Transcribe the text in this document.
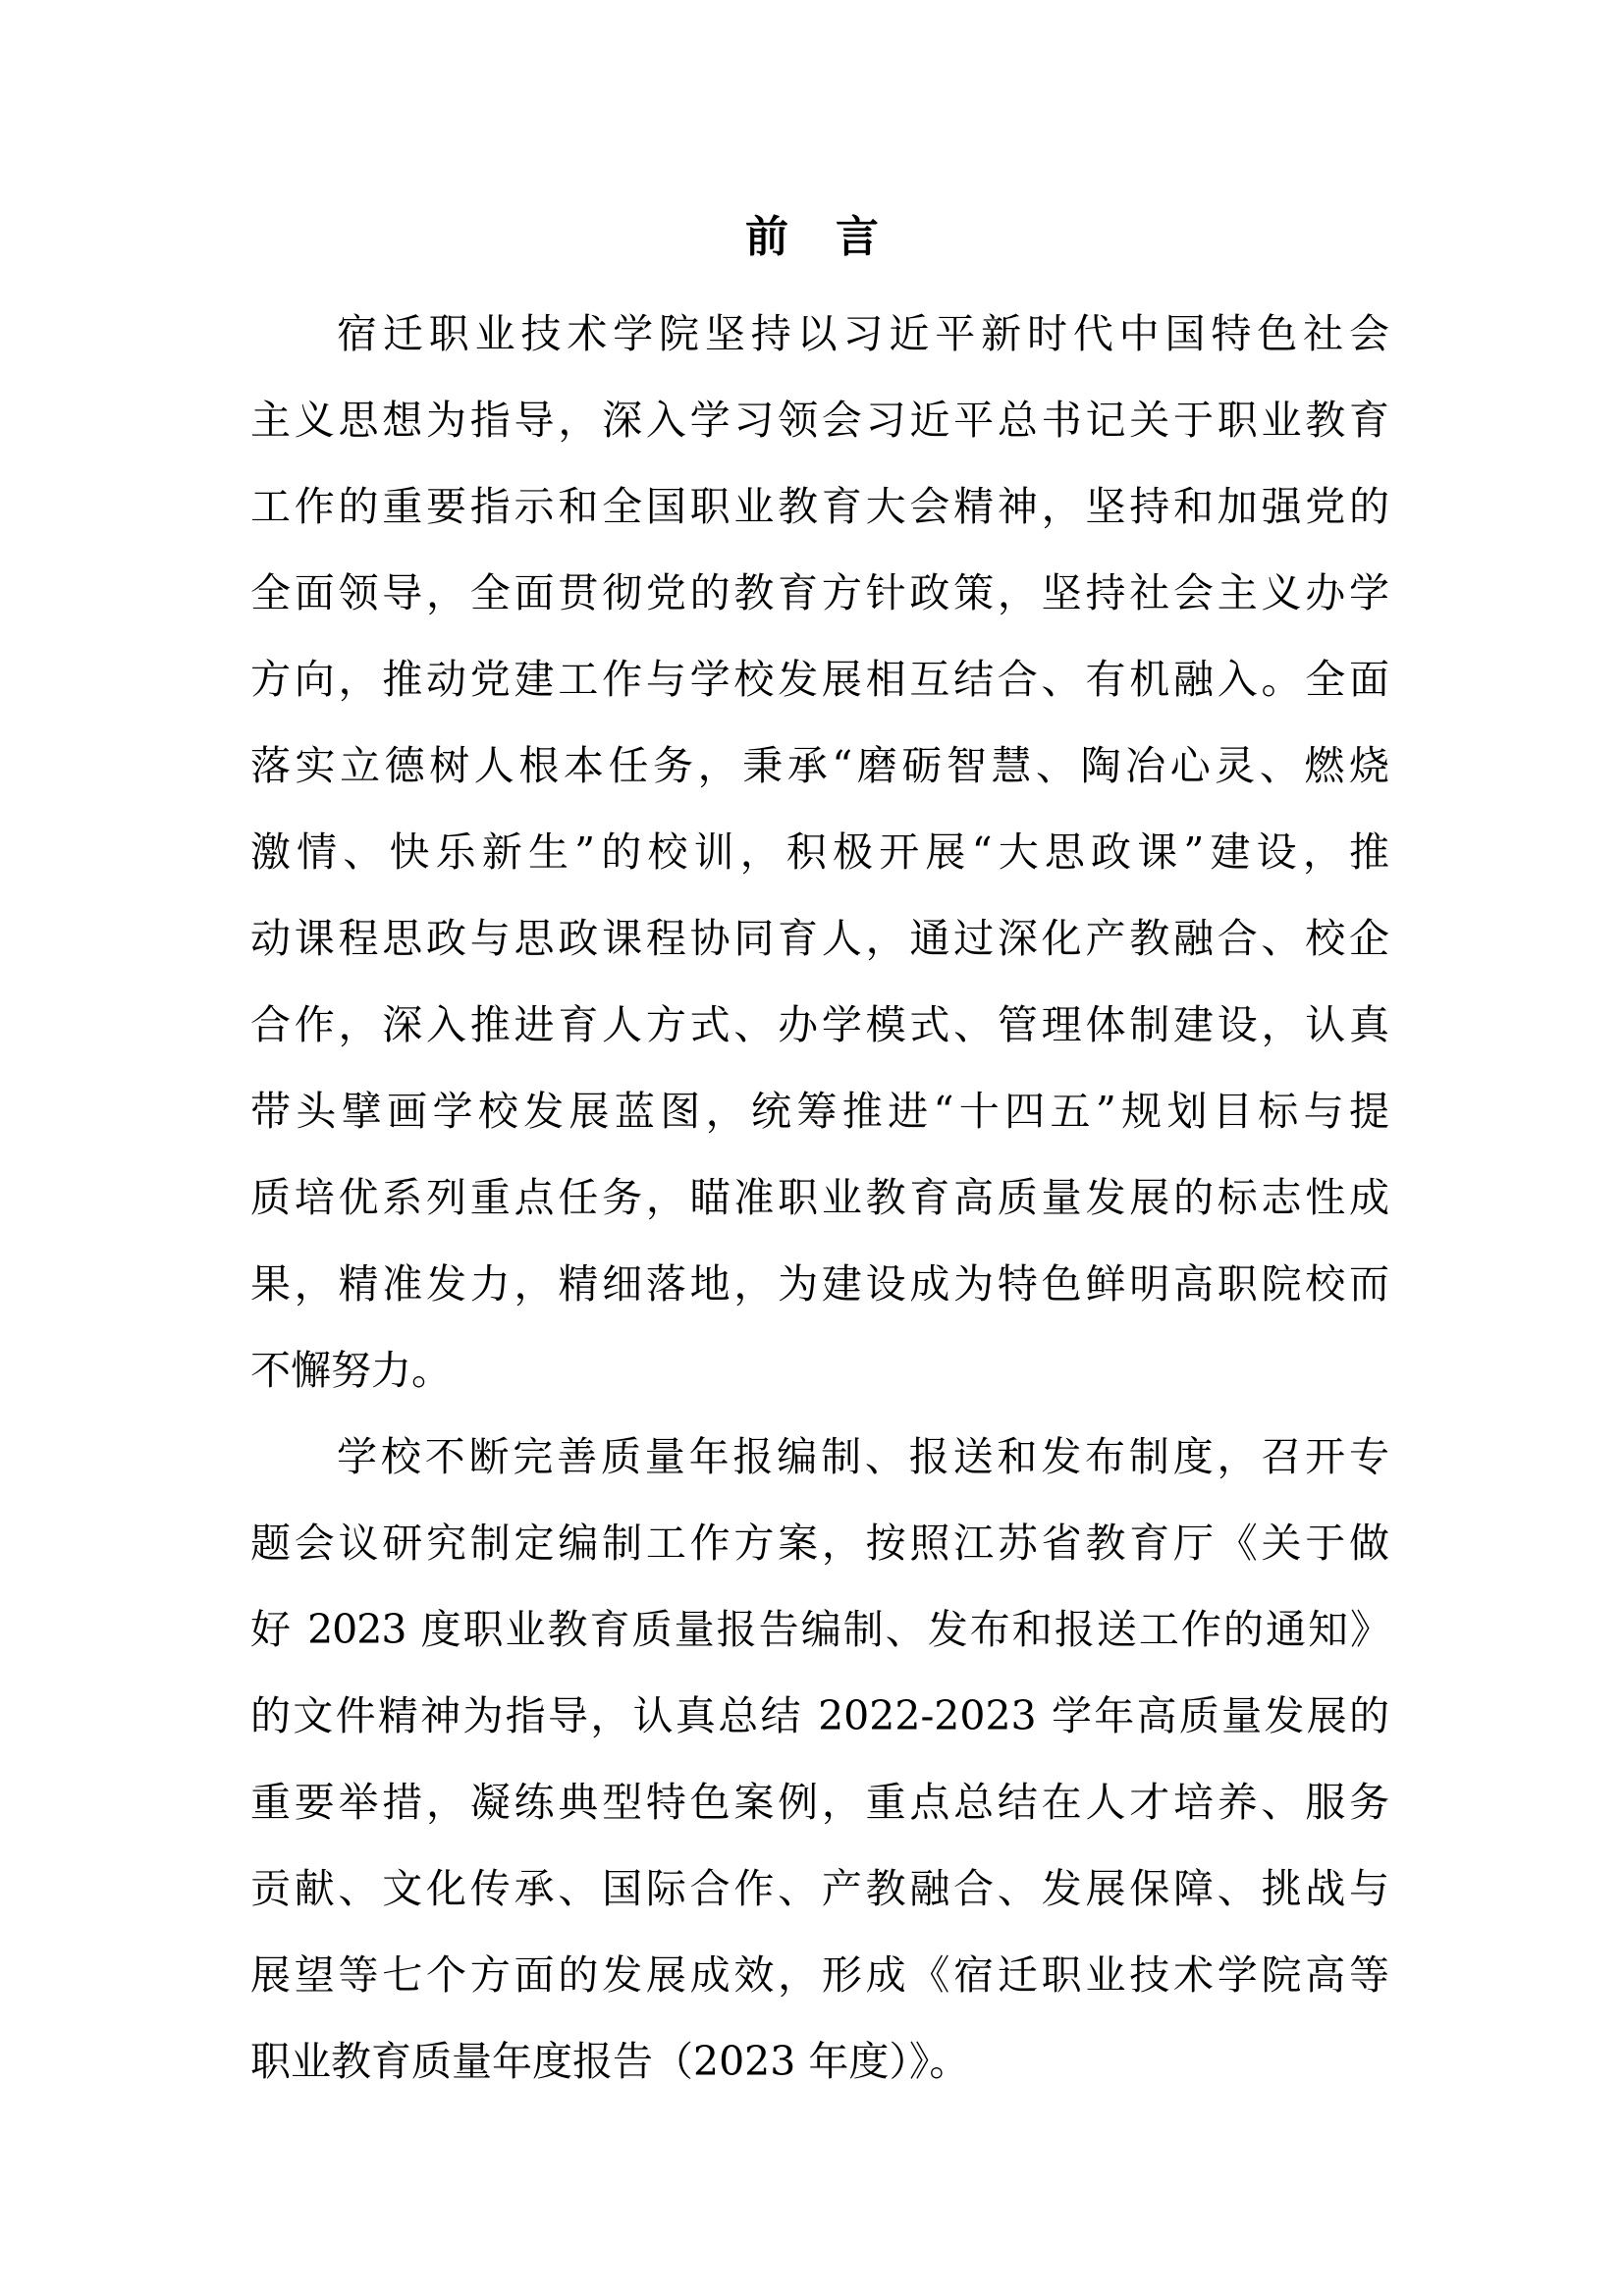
前言
宿迁职业技术学院坚持以习近平新时代中国特色社会
主义思想为指导，深入学习领会习近平总书记关于职业教育
工作的重要指示和全国职业教育大会精神，坚持和加强党的
全面领导，全面贯彻党的教育方针政策，坚持社会主义办学
方向，推动党建工作与学校发展相互结合、有机融入。全面
落实立德树人根本任务，秉承“磨砺智慧、陶冶心灵、燃烧
激情、快乐新生”的校训，积极开展“大思政课”建设，推
动课程思政与思政课程协同育人，通过深化产教融合、校企
合作，深入推进育人方式、办学模式、管理体制建设，认真
带头擘画学校发展蓝图，统筹推进“十四五”规划目标与提
质培优系列重点任务，瞄准职业教育高质量发展的标志性成
果，精准发力，精细落地，为建设成为特色鲜明高职院校而
不懈努力。
学校不断完善质量年报编制、报送和发布制度，召开专
题会议研究制定编制工作方案，按照江苏省教育厅《关于做
好 2023 度职业教育质量报告编制、发布和报送工作的通知》
的文件精神为指导，认真总结 2022-2023 学年高质量发展的
重要举措，凝练典型特色案例，重点总结在人才培养、服务
贡献、文化传承、国际合作、产教融合、发展保障、挑战与
展望等七个方面的发展成效，形成《宿迁职业技术学院高等
职业教育质量年度报告（2023 年度）》。
